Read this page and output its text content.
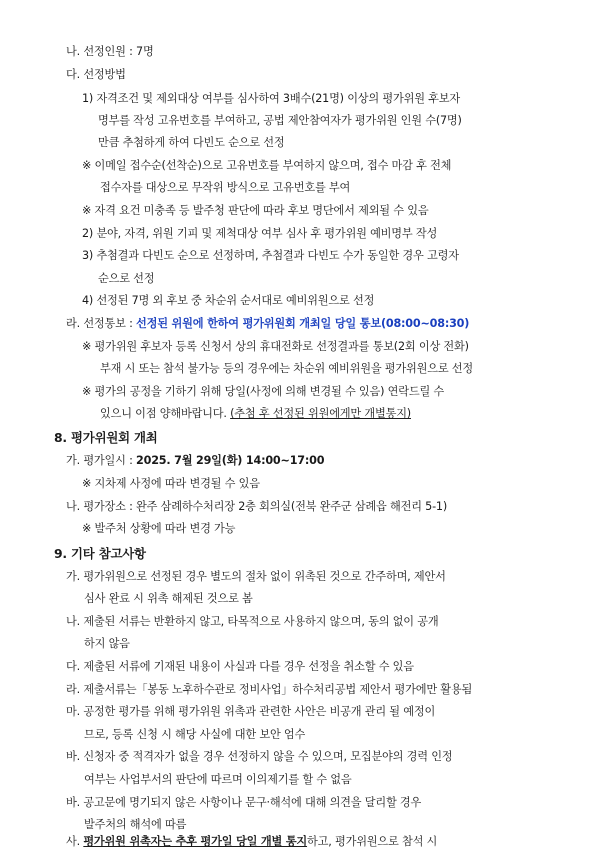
나. 선정인원 : 7명
다. 선정방법
1) 자격조건 및 제외대상 여부를 심사하여 3배수(21명) 이상의 평가위원 후보자
명부를 작성 고유번호를 부여하고, 공법 제안참여자가 평가위원 인원 수(7명)
만큼 추첨하게 하여 다빈도 순으로 선정
※ 이메일 접수순(선착순)으로 고유번호를 부여하지 않으며, 접수 마감 후 전체
접수자를 대상으로 무작위 방식으로 고유번호를 부여
※ 자격 요건 미충족 등 발주청 판단에 따라 후보 명단에서 제외될 수 있음
2) 분야, 자격, 위원 기피 및 제척대상 여부 심사 후 평가위원 예비명부 작성
3) 추첨결과 다빈도 순으로 선정하며, 추첨결과 다빈도 수가 동일한 경우 고령자
순으로 선정
4) 선정된 7명 외 후보 중 차순위 순서대로 예비위원으로 선정
라. 선정통보 : 선정된 위원에 한하여 평가위원회 개최일 당일 통보(08:00~08:30)
※ 평가위원 후보자 등록 신청서 상의 휴대전화로 선정결과를 통보(2회 이상 전화)
부재 시 또는 참석 불가능 등의 경우에는 차순위 예비위원을 평가위원으로 선정
※ 평가의 공정을 기하기 위해 당일(사정에 의해 변경될 수 있음) 연락드릴 수
있으니 이점 양해바랍니다. (추첨 후 선정된 위원에게만 개별통지)
8. 평가위원회 개최
가. 평가일시 : 2025. 7월 29일(화) 14:00~17:00
※ 지차제 사정에 따라 변경될 수 있음
나. 평가장소 : 완주 삼례하수처리장 2층 회의실(전북 완주군 삼례읍 해전리 5-1)
※ 발주처 상황에 따라 변경 가능
9. 기타 참고사항
가. 평가위원으로 선정된 경우 별도의 절차 없이 위촉된 것으로 간주하며, 제안서
심사 완료 시 위촉 해제된 것으로 봄
나. 제출된 서류는 반환하지 않고, 타목적으로 사용하지 않으며, 동의 없이 공개
하지 않음
다. 제출된 서류에 기재된 내용이 사실과 다를 경우 선정을 취소할 수 있음
라. 제출서류는「봉동 노후하수관로 정비사업」하수처리공법 제안서 평가에만 활용됨
마. 공정한 평가를 위해 평가위원 위촉과 관련한 사안은 비공개 관리 될 예정이
므로, 등록 신청 시 해당 사실에 대한 보안 엄수
바. 신청자 중 적격자가 없을 경우 선정하지 않을 수 있으며, 모집분야의 경력 인정
여부는 사업부서의 판단에 따르며 이의제기를 할 수 없음
바. 공고문에 명기되지 않은 사항이나 문구·해석에 대해 의견을 달리할 경우
발주처의 해석에 따름
사. 평가위원 위촉자는 추후 평가일 당일 개별 통지하고, 평가위원으로 참석 시
